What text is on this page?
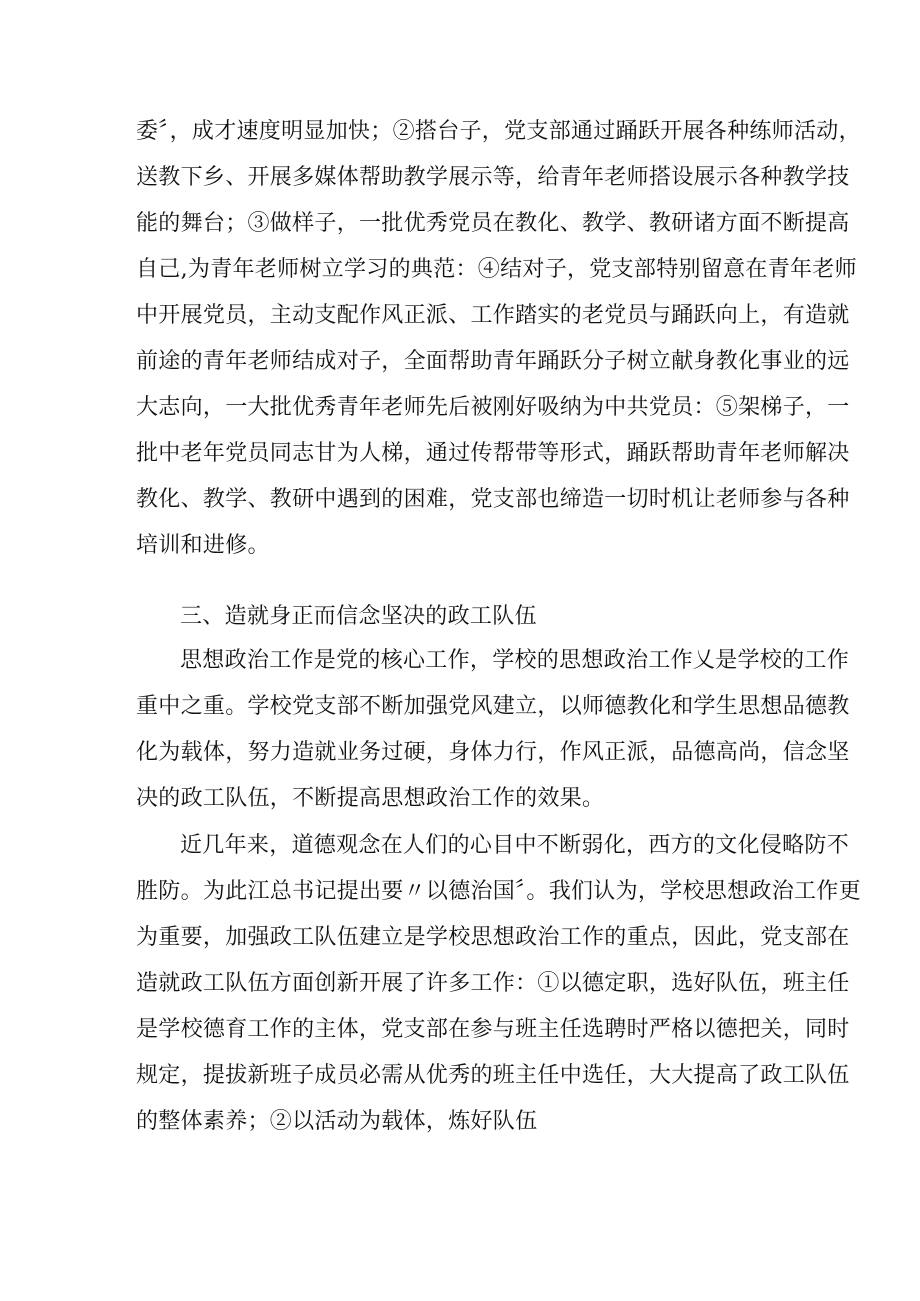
委〞，成才速度明显加快；②搭台子，党支部通过踊跃开展各种练师活动，
送教下乡、开展多媒体帮助教学展示等，给青年老师搭设展示各种教学技
能的舞台；③做样子，一批优秀党员在教化、教学、教研诸方面不断提高
自己,为青年老师树立学习的典范：④结对子，党支部特别留意在青年老师
中开展党员，主动支配作风正派、工作踏实的老党员与踊跃向上，有造就
前途的青年老师结成对子，全面帮助青年踊跃分子树立献身教化事业的远
大志向，一大批优秀青年老师先后被刚好吸纳为中共党员：⑤架梯子，一
批中老年党员同志甘为人梯，通过传帮带等形式，踊跃帮助青年老师解决
教化、教学、教研中遇到的困难，党支部也缔造一切时机让老师参与各种
培训和进修。
三、造就身正而信念坚决的政工队伍
思想政治工作是党的核心工作，学校的思想政治工作乂是学校的工作
重中之重。学校党支部不断加强党风建立，以师德教化和学生思想品德教
化为载体，努力造就业务过硬，身体力行，作风正派，品德高尚，信念坚
决的政工队伍，不断提高思想政治工作的效果。
近几年来，道德观念在人们的心目中不断弱化，西方的文化侵略防不
胜防。为此江总书记提出要〃以德治国〞。我们认为，学校思想政治工作更
为重要，加强政工队伍建立是学校思想政治工作的重点，因此，党支部在
造就政工队伍方面创新开展了许多工作：①以德定职，选好队伍，班主任
是学校德育工作的主体，党支部在参与班主任选聘时严格以德把关，同时
规定，提拔新班子成员必需从优秀的班主任中选任，大大提高了政工队伍
的整体素养；②以活动为载体，炼好队伍
